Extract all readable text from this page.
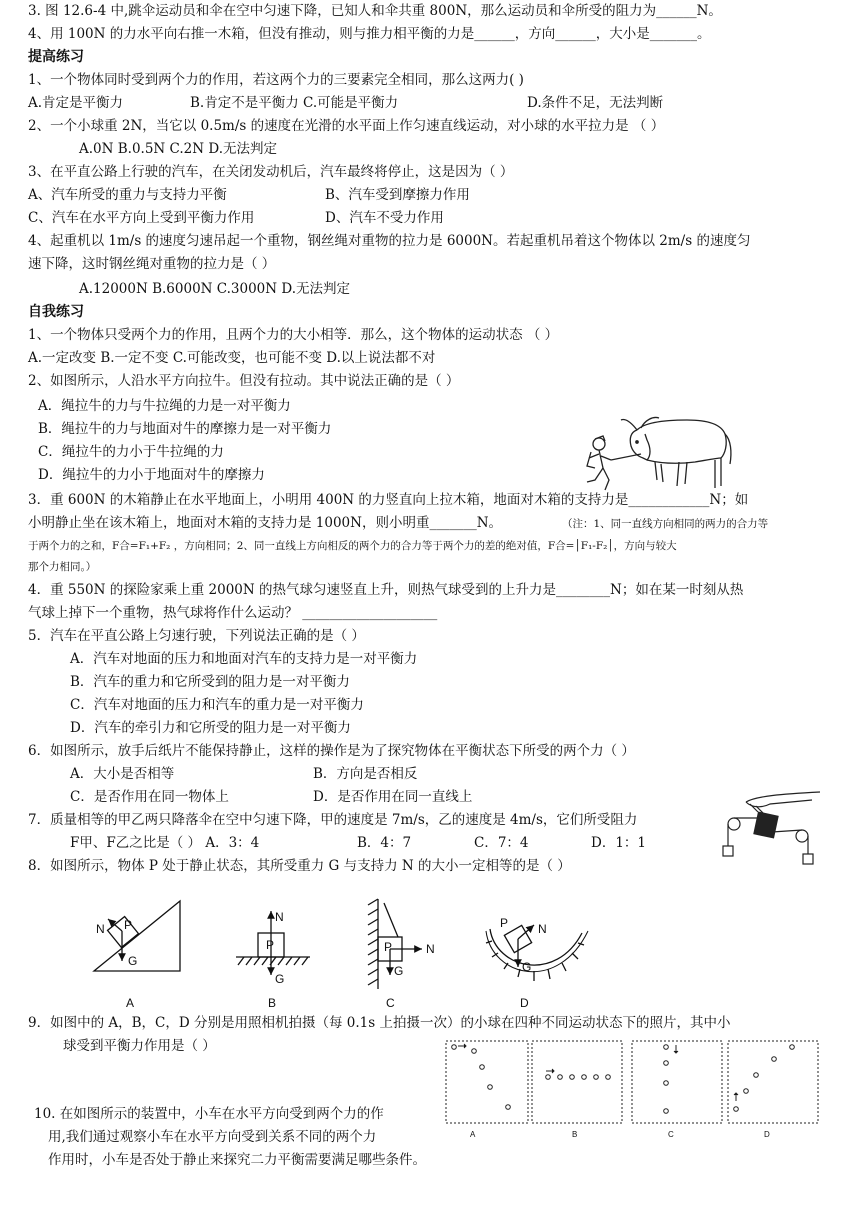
3. 图 12.6-4 中,跳伞运动员和伞在空中匀速下降，已知人和伞共重 800N，那么运动员和伞所受的阻力为______N。
4、用 100N 的力水平向右推一木箱，但没有推动，则与推力相平衡的力是______，方向______，大小是_______。
提高练习
1、一个物体同时受到两个力的作用，若这两个力的三要素完全相同，那么这两力( )
A.肯定是平衡力	B.肯定不是平衡力 C.可能是平衡力	D.条件不足，无法判断
2、一个小球重 2N，当它以 0.5m/s 的速度在光滑的水平面上作匀速直线运动，对小球的水平拉力是 （ ）
A.0N B.0.5N C.2N D.无法判定
3、在平直公路上行驶的汽车，在关闭发动机后，汽车最终将停止，这是因为（ ）
A、汽车所受的重力与支持力平衡	B、汽车受到摩擦力作用
C、汽车在水平方向上受到平衡力作用	D、汽车不受力作用
4、起重机以 1m/s 的速度匀速吊起一个重物，钢丝绳对重物的拉力是 6000N。若起重机吊着这个物体以 2m/s 的速度匀
速下降，这时钢丝绳对重物的拉力是（ ）
A.12000N B.6000N C.3000N D.无法判定
自我练习
1、一个物体只受两个力的作用，且两个力的大小相等．那么，这个物体的运动状态 （ ）
A.一定改变 B.一定不变 C.可能改变，也可能不变 D.以上说法都不对
2、如图所示，人沿水平方向拉牛。但没有拉动。其中说法正确的是（ ）
A．绳拉牛的力与牛拉绳的力是一对平衡力
B．绳拉牛的力与地面对牛的摩擦力是一对平衡力
C．绳拉牛的力小于牛拉绳的力
D．绳拉牛的力小于地面对牛的摩擦力
3．重 600N 的木箱静止在水平地面上，小明用 400N 的力竖直向上拉木箱，地面对木箱的支持力是____________N；如
小明静止坐在该木箱上，地面对木箱的支持力是 1000N，则小明重_______N。	（注：1、同一直线方向相同的两力的合力等
于两个力的之和，F合=F₁+F₂ ，方向相同；2、同一直线上方向相反的两个力的合力等于两个力的差的绝对值，F合=│F₁-F₂│，方向与较大
那个力相同。）
4．重 550N 的探险家乘上重 2000N 的热气球匀速竖直上升，则热气球受到的上升力是________N；如在某一时刻从热
气球上掉下一个重物，热气球将作什么运动？ ____________________
5．汽车在平直公路上匀速行驶，下列说法正确的是（ ）
A．汽车对地面的压力和地面对汽车的支持力是一对平衡力
B．汽车的重力和它所受到的阻力是一对平衡力
C．汽车对地面的压力和汽车的重力是一对平衡力
D．汽车的牵引力和它所受的阻力是一对平衡力
6．如图所示，放手后纸片不能保持静止，这样的操作是为了探究物体在平衡状态下所受的两个力（ ）
A．大小是否相等	B．方向是否相反
C．是否作用在同一物体上	D．是否作用在同一直线上
7．质量相等的甲乙两只降落伞在空中匀速下降，甲的速度是 7m/s，乙的速度是 4m/s，它们所受阻力
F甲、F乙之比是（ ） A．3：4	B．4：7	C．7：4	D．1：1
8．如图所示，物体 P 处于静止状态，其所受重力 G 与支持力 N 的大小一定相等的是（ ）
9．如图中的 A，B，C，D 分别是用照相机拍摄（每 0.1s 上拍摄一次）的小球在四种不同运动状态下的照片，其中小
球受到平衡力作用是（ ）
10. 在如图所示的装置中，小车在水平方向受到两个力的作
用,我们通过观察小车在水平方向受到关系不同的两个力
作用时，小车是否处于静止来探究二力平衡需要满足哪些条件。
N P
G
N
P
G
P	N
G
P N
G
A	B	C	D
A	B	C	D
